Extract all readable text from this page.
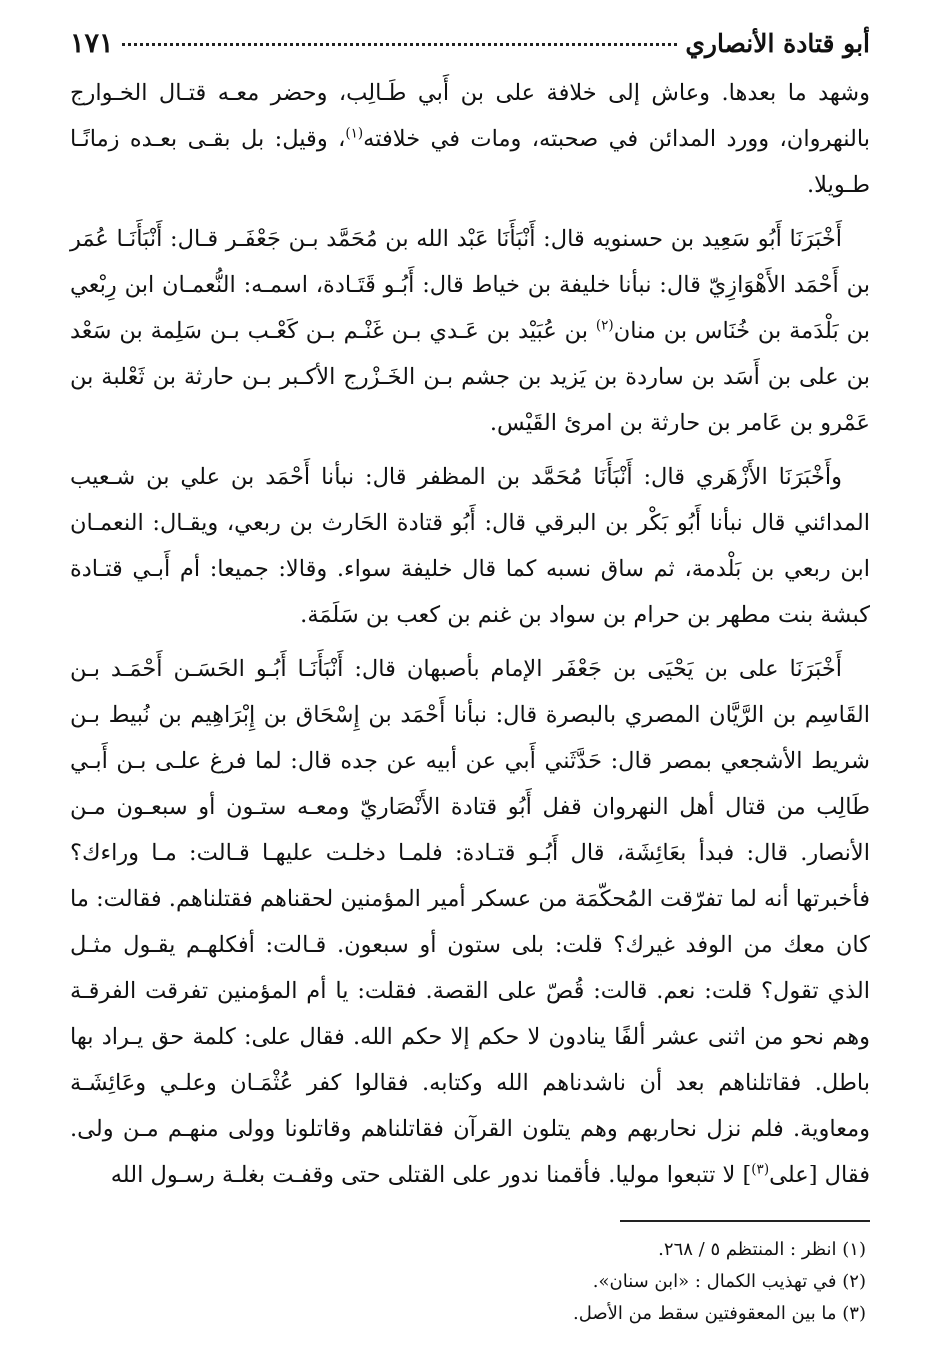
أبو قتادة الأنصاري
١٧١

وشهد ما بعدها. وعاش إلى خلافة على بن أَبي طَـالِب، وحضر معـه قتـال الخـوارج بالنهروان، وورد المدائن في صحبته، ومات في خلافته$^{(١)}$، وقيل: بل بقـى بعـده زمانًـا طـويلا.

أَخْبَرَنَا أَبُو سَعِيد بن حسنويه قال: أَنْبَأَنَا عَبْد الله بن مُحَمَّد بـن جَعْفَـر قـال: أَنْبَأَنَـا عُمَر بن أَحْمَد الأَهْوَازِيّ قال: نبأنا خليفة بن خياط قال: أَبُـو قَتَـادة، اسمـه: النُّعمـان ابن رِبْعي بن بَلْدَمة بن خُنَاس بن منان$^{(٢)}$ بن عُبَيْد بن عَـدي بـن غَنْـم بـن كَعْـب بـن سَلِمة بن سَعْد بن على بن أَسَد بن ساردة بن يَزيد بن جشم بـن الخَـزْرج الأكـبر بـن حارثة بن ثَعْلبة بن عَمْرو بن عَامر بن حارثة بن امرئ القَيْس.

وأَخْبَرَنَا الأَزْهَري قال: أَنْبَأَنَا مُحَمَّد بن المظفر قال: نبأنا أَحْمَد بن علي بن شـعيب المدائني قال نبأنا أَبُو بَكْر بن البرقي قال: أَبُو قتادة الحَارث بن ربعي، ويقـال: النعمـان ابن ربعي بن بَلْدمة، ثم ساق نسبه كما قال خليفة سواء. وقالا: جميعا: أم أَبـي قتـادة كبشة بنت مطهر بن حرام بن سواد بن غنم بن كعب بن سَلَمَة.

أَخْبَرَنَا على بن يَحْيَى بن جَعْفَر الإمام بأصبهان قال: أَنْبَأَنَـا أَبُـو الحَسَـن أَحْمَـد بـن القَاسِم بن الرَّيَّان المصري بالبصرة قال: نبأنا أَحْمَد بن إِسْحَاق بن إِبْرَاهِيم بن نُبيط بـن شريط الأشجعي بمصر قال: حَدَّثَني أَبي عن أبيه عن جده قال: لما فرغ علـى بـن أَبـي طَالِب من قتال أهل النهروان قفل أَبُو قتادة الأَنْصَاريّ ومعـه ستـون أو سبعـون مـن الأنصار. قال: فبدأ بعَائِشَة، قال أَبُـو قتـادة: فلمـا دخلـت عليهـا قـالت: مـا وراءك؟ فأخبرتها أنه لما تفرّقت المُحكّمَة من عسكر أمير المؤمنين لحقناهم فقتلناهم. فقالت: ما كان معك من الوفد غيرك؟ قلت: بلى ستون أو سبعون. قـالت: أفكلهـم يقـول مثـل الذي تقول؟ قلت: نعم. قالت: قُصّ على القصة. فقلت: يا أم المؤمنين تفرقت الفرقـة وهم نحو من اثنى عشر ألفًا ينادون لا حكم إلا حكم الله. فقال على: كلمة حق يـراد بها باطل. فقاتلناهم بعد أن ناشدناهم الله وكتابه. فقالوا كفر عُثْمَـان وعلـي وعَائِشَـة ومعاوية. فلم نزل نحاربهم وهم يتلون القرآن فقاتلناهم وقاتلونا وولى منهـم مـن ولى. فقال [على$^{(٣)}$] لا تتبعوا موليا. فأقمنا ندور على القتلى حتى وقفـت بغلـة رسـول الله

(١) انظر : المنتظم ٥ / ٢٦٨.

(٢) في تهذيب الكمال : «ابن سنان».

(٣) ما بين المعقوفتين سقط من الأصل.
